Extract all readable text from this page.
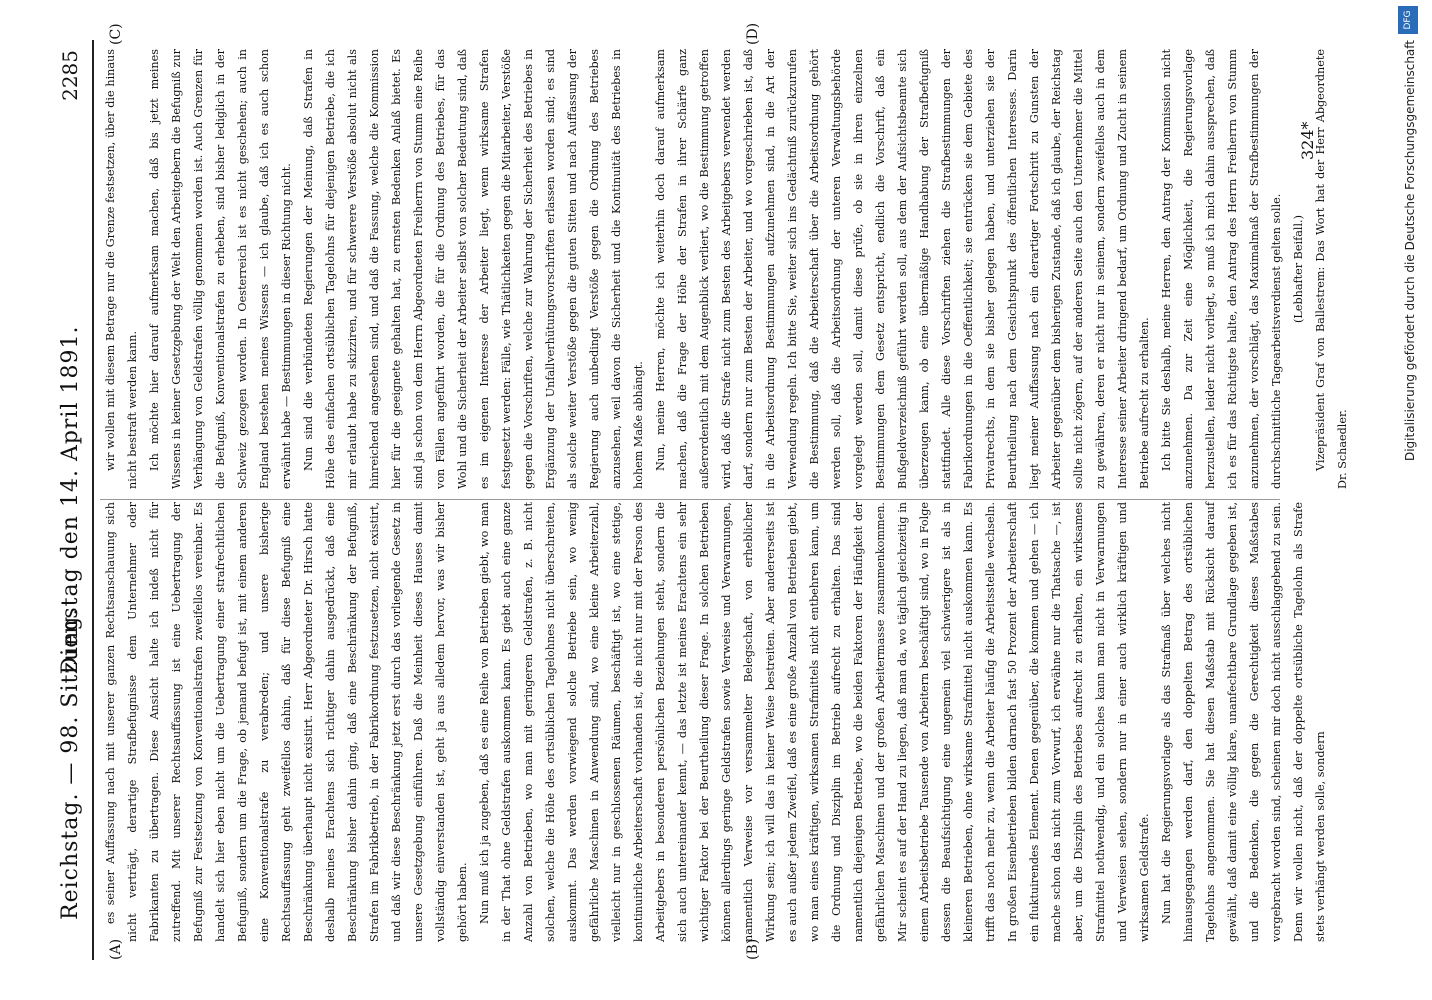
Reichstag. — 98. Sitzung.
Dienstag den 14. April 1891.
2285
(A)	(B)
(C)	(D)

es seiner Auffassung nach mit unserer ganzen Rechtsanschauung sich nicht verträgt, derartige Strafbefugnisse dem Unternehmer oder Fabrikanten zu übertragen. Diese Ansicht halte ich indeß nicht für zutreffend. Mit unserer Rechtsauffassung ist eine Uebertragung der Befugniß zur Festsetzung von Konventionalstrafen zweifellos vereinbar. Es handelt sich hier eben nicht um die Uebertragung einer strafrechtlichen Befugniß, sondern um die Frage, ob jemand befugt ist, mit einem anderen eine Konventionalstrafe zu verabreden; und unsere bisherige Rechtsauffassung geht zweifellos dahin, daß für diese Befugniß eine Beschränkung überhaupt nicht existirt. Herr Abgeordneter Dr. Hirsch hatte deshalb meines Erachtens sich richtiger dahin ausgedrückt, daß eine Beschränkung bisher dahin ging, daß eine Beschränkung der Befugniß, Strafen im Fabrikbetrieb, in der Fabrikordnung festzusetzen, nicht existirt, und daß wir diese Beschränkung jetzt erst durch das vorliegende Gesetz in unsere Gesetzgebung einführen. Daß die Meinheit dieses Hauses damit vollständig einverstanden ist, geht ja aus alledem hervor, was wir bisher gehört haben. Nun muß ich ja zugeben, daß es eine Reihe von Betrieben giebt, wo man in der That ohne Geldstrafen auskommen kann. Es giebt auch eine ganze Anzahl von Betrieben, wo man mit geringeren Geldstrafen, z. B. nicht solchen, welche die Höhe des ortsüblichen Tagelohnes nicht überschreiten, auskommt. Das werden vorwiegend solche Betriebe sein, wo wenig gefährliche Maschinen in Anwendung sind, wo eine kleine Arbeiterzahl, vielleicht nur in geschlossenen Räumen, beschäftigt ist, wo eine stetige, kontinuirliche Arbeiterschaft vorhanden ist, die nicht nur mit der Person des Arbeitgebers in besonderen persönlichen Beziehungen steht, sondern die sich auch untereinander kennt, — das letzte ist meines Erachtens ein sehr wichtiger Faktor bei der Beurtheilung dieser Frage. In solchen Betrieben können allerdings geringe Geldstrafen sowie Verweise und Verwarnungen, namentlich Verweise vor versammelter Belegschaft, von erheblicher Wirkung sein; ich will das in keiner Weise bestreiten. Aber andererseits ist es auch außer jedem Zweifel, daß es eine große Anzahl von Betrieben giebt, wo man eines kräftigen, wirksamen Strafmittels nicht entbehren kann, um die Ordnung und Disziplin im Betrieb aufrecht zu erhalten. Das sind namentlich diejenigen Betriebe, wo die beiden Faktoren der Häufigkeit der gefährlichen Maschinen und der großen Arbeitermasse zusammenkommen. Mir scheint es auf der Hand zu liegen, daß man da, wo täglich gleichzeitig in einem Arbeitsbetriebe Tausende von Arbeitern beschäftigt sind, wo in Folge dessen die Beaufsichtigung eine ungemein viel schwierigere ist als in kleineren Betrieben, ohne wirksame Strafmittel nicht auskommen kann. Es trifft das noch mehr zu, wenn die Arbeiter häufig die Arbeitsstelle wechseln. In großen Eisenbetrieben bilden darnach fast 50 Prozent der Arbeiterschaft ein fluktuirendes Element. Denen gegenüber, die kommen und gehen — ich mache schon das nicht zum Vorwurf, ich erwähne nur die Thatsache —, ist aber, um die Disziplin des Betriebes aufrecht zu erhalten, ein wirksames Strafmittel nothwendig, und ein solches kann man nicht in Verwarnungen und Verweisen sehen, sondern nur in einer auch wirklich kräftigen und wirksamen Geldstrafe. Nun hat die Regierungsvorlage als das Strafmaß über welches nicht hinausgegangen werden darf, den doppelten Betrag des ortsüblichen Tagelohns angenommen. Sie hat diesen Maßstab mit Rücksicht darauf gewählt, daß damit eine völlig klare, unanfechtbare Grundlage gegeben ist, und die Bedenken, die gegen die Gerechtigkeit dieses Maßstabes vorgebracht worden sind, scheinen mir doch nicht ausschlaggebend zu sein. Denn wir wollen nicht, daß der doppelte ortsübliche Tagelohn als Strafe stets verhängt werden solle, sondern

wir wollen mit diesem Betrage nur die Grenze festsetzen, über die hinaus nicht bestraft werden kann. Ich möchte hier darauf aufmerksam machen, daß bis jetzt meines Wissens in keiner Gesetzgebung der Welt den Arbeitgebern die Befugniß zur Verhängung von Geldstrafen völlig genommen worden ist. Auch Grenzen für die Befugniß, Konventionalstrafen zu erheben, sind bisher lediglich in der Schweiz gezogen worden. In Oesterreich ist es nicht geschehen; auch in England bestehen meines Wissens — ich glaube, daß ich es auch schon erwähnt habe — Bestimmungen in dieser Richtung nicht. Nun sind die verbündeten Regierungen der Meinung, daß Strafen in Höhe des einfachen ortsüblichen Tagelohns für diejenigen Betriebe, die ich mir erlaubt habe zu skizziren, und für schwerere Verstöße absolut nicht als hinreichend angesehen sind, und daß die Fassung, welche die Kommission hier für die geeignete gehalten hat, zu ernsten Bedenken Anlaß bietet. Es sind ja schon von dem Herrn Abgeordneten Freiherrn von Stumm eine Reihe von Fällen angeführt worden, die für die Ordnung des Betriebes, für das Wohl und die Sicherheit der Arbeiter selbst von solcher Bedeutung sind, daß es im eigenen Interesse der Arbeiter liegt, wenn wirksame Strafen festgesetzt werden: Fälle, wie Thätlichkeiten gegen die Mitarbeiter, Verstöße gegen die Vorschriften, welche zur Wahrung der Sicherheit des Betriebes in Ergänzung der Unfallverhütungsvorschriften erlassen worden sind; es sind als solche weiter Verstöße gegen die guten Sitten und nach Auffassung der Regierung auch unbedingt Verstöße gegen die Ordnung des Betriebes anzusehen, weil davon die Sicherheit und die Kontinuität des Betriebes in hohem Maße abhängt. Nun, meine Herren, möchte ich weiterhin doch darauf aufmerksam machen, daß die Frage der Höhe der Strafen in ihrer Schärfe ganz außerordentlich mit dem Augenblick verliert, wo die Bestimmung getroffen wird, daß die Strafe nicht zum Besten des Arbeitgebers verwendet werden darf, sondern nur zum Besten der Arbeiter, und wo vorgeschrieben ist, daß in die Arbeitsordnung Bestimmungen aufzunehmen sind, in die Art der Verwendung regeln. Ich bitte Sie, weiter sich ins Gedächtniß zurückzurufen die Bestimmung, daß die Arbeiterschaft über die Arbeitsordnung gehört werden soll, daß die Arbeitsordnung der unteren Verwaltungsbehörde vorgelegt werden soll, damit diese prüfe, ob sie in ihren einzelnen Bestimmungen dem Gesetz entspricht, endlich die Vorschrift, daß ein Bußgeldverzeichniß geführt werden soll, aus dem der Aufsichtsbeamte sich überzeugen kann, ob eine übermäßige Handhabung der Strafbefugniß stattfindet. Alle diese Vorschriften ziehen die Strafbestimmungen der Fabrikordnungen in die Oeffentlichkeit; sie entrücken sie dem Gebiete des Privatrechts, in dem sie bisher gelegen haben, und unterziehen sie der Beurtheilung nach dem Gesichtspunkt des öffentlichen Interesses. Darin liegt meiner Auffassung nach ein derartiger Fortschritt zu Gunsten der Arbeiter gegenüber dem bisherigen Zustande, daß ich glaube, der Reichstag sollte nicht zögern, auf der anderen Seite auch den Unternehmer die Mittel zu gewähren, deren er nicht nur in seinem, sondern zweifellos auch in dem Interesse seiner Arbeiter dringend bedarf, um Ordnung und Zucht in seinem Betriebe aufrecht zu erhalten. Ich bitte Sie deshalb, meine Herren, den Antrag der Kommission nicht anzunehmen. Da zur Zeit eine Möglichkeit, die Regierungsvorlage herzustellen, leider nicht vorliegt, so muß ich mich dahin aussprechen, daß ich es für das Richtigste halte, den Antrag des Herrn Freiherrn von Stumm anzunehmen, der vorschlägt, das Maximalmaß der Strafbestimmungen der durchschnittliche Tagearbeitsverdienst gelten solle. (Lebhafter Beifall.) Vizepräsident Graf von Ballestrem: Das Wort hat der Herr Abgeordnete Dr. Schaedler.

324*	Digitalisierung gefördert durch die Deutsche Forschungsgemeinschaft
DFG
